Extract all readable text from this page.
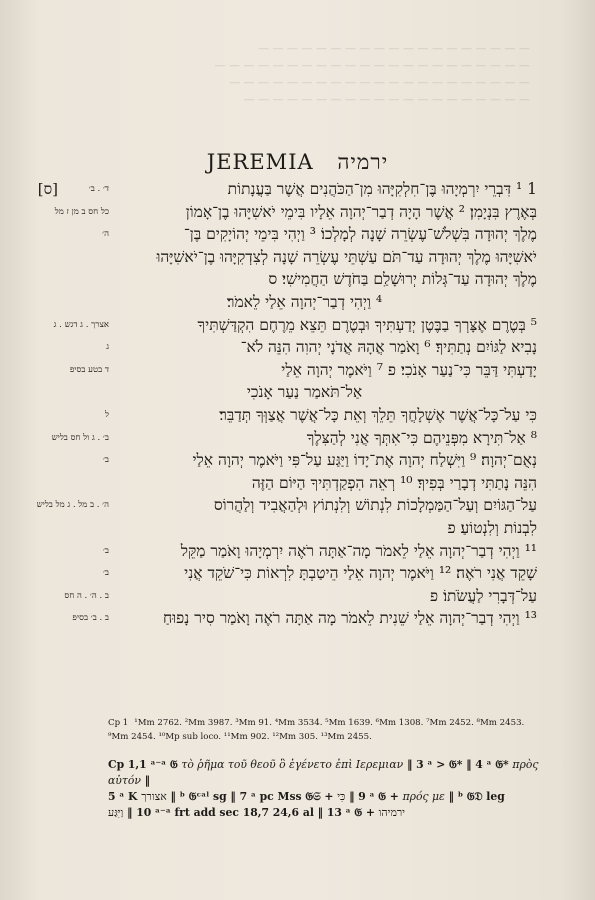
— — — — — — — — — — — — — — — — — — —
— — — — — — — — — — — — — — — — — — — — — —
— — — — — — — — — — — — — — — — — — — — —
— — — — — — — — — — — — — — — — — — — —
JEREMIA ירמיה
1 ¹ דִּבְרֵי יִרְמְיָהוּ בֶּן־חִלְקִיָּהוּ מִן־הַכֹּהֲנִים אֲשֶׁר בַּעֲנָתוֹת
[ס]	ד׳ . ב׳
בְּאֶרֶץ בִּנְיָמִן׃ ² אֲשֶׁר הָיָה דְבַר־יְהוָה אֵלָיו בִּימֵי יֹאשִׁיָּהוּ בֶן־אָמוֹן
כל חס ב מן ז מל
מֶלֶךְ יְהוּדָה בִּשְׁלֹשׁ־עֶשְׂרֵה שָׁנָה לְמָלְכוֹ׃ ³ וַיְהִי בִּימֵי יְהוֹיָקִים בֶּן־
ה׳
יֹאשִׁיָּהוּ מֶלֶךְ יְהוּדָה עַד־תֹּם עַשְׁתֵּי עֶשְׂרֵה שָׁנָה לְצִדְקִיָּהוּ בֶן־יֹאשִׁיָּהוּ
מֶלֶךְ יְהוּדָה עַד־גְּלוֹת יְרוּשָׁלַ͏ִם בַּחֹדֶשׁ הַחֲמִישִׁי׃ ס
⁴ וַיְהִי דְבַר־יְהוָה אֵלַי לֵאמֹר׃
⁵ בְּטֶרֶם אֶצָּרְךָ בַבֶּטֶן יְדַעְתִּיךָ וּבְטֶרֶם תֵּצֵא מֵרֶחֶם הִקְדַּשְׁתִּיךָ
אצרך . ג דגש . ג
נָבִיא לַגּוֹיִם נְתַתִּיךָ׃ ⁶ וָאֹמַר אֲהָהּ אֲדֹנָי יְהוִה הִנֵּה לֹא־
ג
יָדַעְתִּי דַּבֵּר כִּי־נַעַר אָנֹכִי׃ פ ⁷ וַיֹּאמֶר יְהוָה אֵלַי
ד בטע בסיפ
אַל־תֹּאמַר נַעַר אָנֹכִי
כִּי עַל־כָּל־אֲשֶׁר אֶשְׁלָחֲךָ תֵּלֵךְ וְאֵת כָּל־אֲשֶׁר אֲצַוְּךָ תְּדַבֵּר׃
ל
⁸ אַל־תִּירָא מִפְּנֵיהֶם כִּי־אִתְּךָ אֲנִי לְהַצִּלֶךָ
ב׳ . ג ול חס בליש
נְאֻם־יְהוָה׃ ⁹ וַיִּשְׁלַח יְהוָה אֶת־יָדוֹ וַיַּגַּע עַל־פִּי וַיֹּאמֶר יְהוָה אֵלַי
ב׳
הִנֵּה נָתַתִּי דְבָרַי בְּפִיךָ׃ ¹⁰ רְאֵה הִפְקַדְתִּיךָ הַיּוֹם הַזֶּה
עַל־הַגּוֹיִם וְעַל־הַמַּמְלָכוֹת לִנְתוֹשׁ וְלִנְתוֹץ וּלְהַאֲבִיד וְלַהֲרוֹס
ה׳ . ב מל . ג מל בליש
לִבְנוֹת וְלִנְטוֹעַ׃ פ
¹¹ וַיְהִי דְבַר־יְהוָה אֵלַי לֵאמֹר מָה־אַתָּה רֹאֶה יִרְמְיָהוּ וָאֹמַר מַקֵּל
ב׳
שָׁקֵד אֲנִי רֹאֶה׃ ¹² וַיֹּאמֶר יְהוָה אֵלַי הֵיטַבְתָּ לִרְאוֹת כִּי־שֹׁקֵד אֲנִי
ב׳
עַל־דְּבָרִי לַעֲשֹׂתוֹ׃ פ
ב . ה׳ . ה חס
¹³ וַיְהִי דְבַר־יְהוָה אֵלַי שֵׁנִית לֵאמֹר מָה אַתָּה רֹאֶה וָאֹמַר סִיר נָפוּחַ
ב . ב׳ בסיפ
Cp 1 ¹Mm 2762. ²Mm 3987. ³Mm 91. ⁴Mm 3534. ⁵Mm 1639. ⁶Mm 1308. ⁷Mm 2452. ⁸Mm 2453.
⁹Mm 2454. ¹⁰Mp sub loco. ¹¹Mm 902. ¹²Mm 305. ¹³Mm 2455.
Cp 1,1 ᵃ⁻ᵃ 𝔊 τὸ ῥῆμα τοῦ θεοῦ ὃ ἐγένετο ἐπὶ Ιερεμιαν ‖ 3 ᵃ > 𝔊* ‖ 4 ᵃ 𝔊* πρὸς αὐτόν ‖
5 ᵃ K אצורך ‖ ᵇ 𝔊ᶜᵃˡ sg ‖ 7 ᵃ pc Mss 𝔊𝔖 + כִּי ‖ 9 ᵃ 𝔊 + πρός με ‖ ᵇ 𝔊𝔇 leg
וַיִּגַּע ‖ 10 ᵃ⁻ᵃ frt add sec 18,7 24,6 al ‖ 13 ᵃ 𝔊 + ירמיהו
